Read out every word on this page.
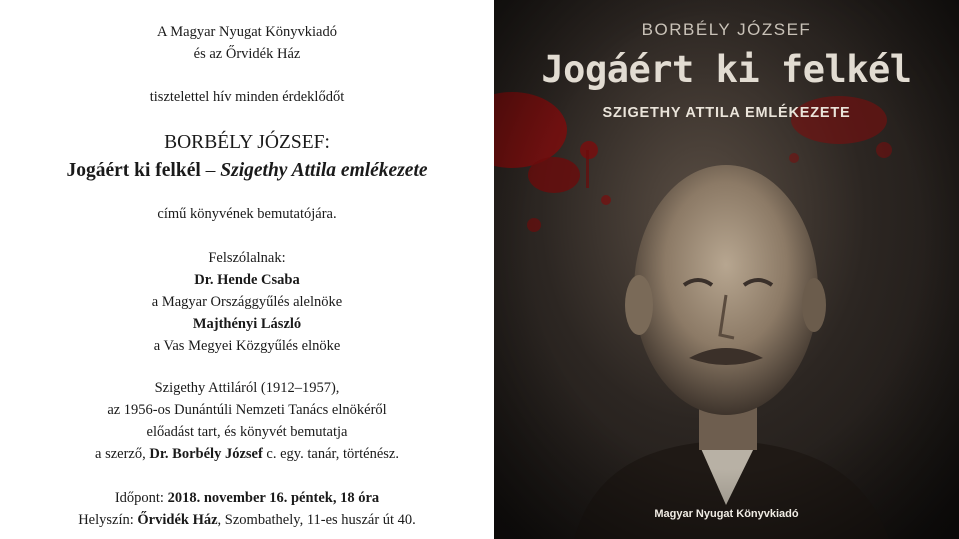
A Magyar Nyugat Könyvkiadó
és az Őrvidék Ház
tisztelettel hív minden érdeklődőt
BORBÉLY JÓZSEF:
Jogáért ki felkél – Szigethy Attila emlékezete
című könyvének bemutatójára.
Felszólalnak:
Dr. Hende Csaba
a Magyar Országgyűlés alelnöke
Majthényi László
a Vas Megyei Közgyűlés elnöke
Szigethy Attiláról (1912–1957),
az 1956-os Dunántúli Nemzeti Tanács elnökéről
előadást tart, és könyvét bemutatja
a szerző, Dr. Borbély József c. egy. tanár, történész.
Időpont: 2018. november 16. péntek, 18 óra
Helyszín: Őrvidék Ház, Szombathely, 11-es huszár út 40.
BORBÉLY JÓZSEF
Jogáért ki felkél
SZIGETHY ATTILA EMLÉKEZETE
Magyar Nyugat Könyvkiadó
